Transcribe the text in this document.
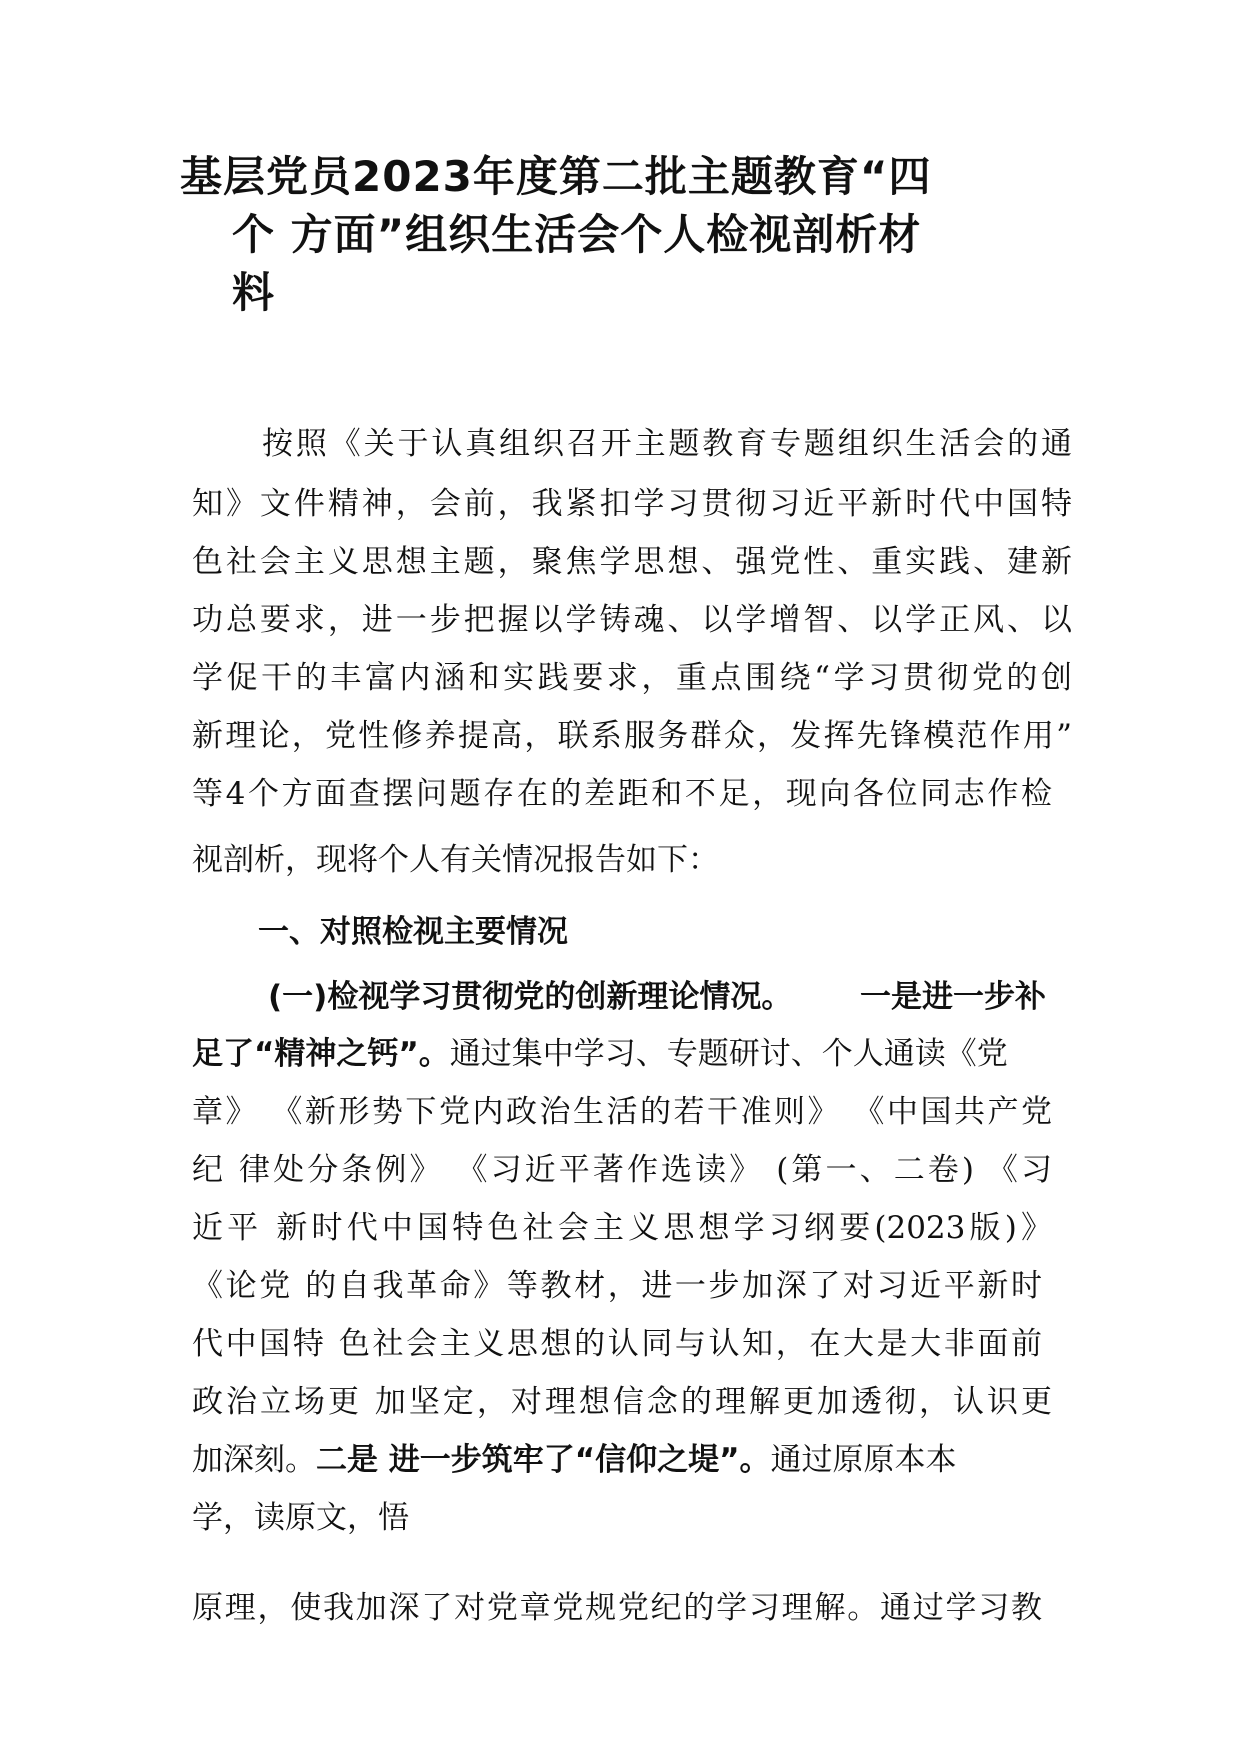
基层党员2023年度第二批主题教育“四
个 方面”组织生活会个人检视剖析材
料
按照《关于认真组织召开主题教育专题组织生活会的通
知》文件精神，会前，我紧扣学习贯彻习近平新时代中国特
色社会主义思想主题，聚焦学思想、强党性、重实践、建新
功总要求，进一步把握以学铸魂、以学增智、以学正风、以
学促干的丰富内涵和实践要求，重点围绕“学习贯彻党的创
新理论，党性修养提高，联系服务群众，发挥先锋模范作用”
等4个方面查摆问题存在的差距和不足，现向各位同志作检
视剖析，现将个人有关情况报告如下：
一、对照检视主要情况
(一)检视学习贯彻党的创新理论情况。 一是进一步补
足了“精神之钙”。通过集中学习、专题研讨、个人通读《党
章》 《新形势下党内政治生活的若干准则》 《中国共产党
纪 律处分条例》 《习近平著作选读》 (第一、二卷) 《习
近平 新时代中国特色社会主义思想学习纲要(2023版)》
《论党 的自我革命》等教材，进一步加深了对习近平新时
代中国特 色社会主义思想的认同与认知，在大是大非面前
政治立场更 加坚定，对理想信念的理解更加透彻，认识更
加深刻。二是 进一步筑牢了“信仰之堤”。通过原原本本
学，读原文，悟
原理，使我加深了对党章党规党纪的学习理解。通过学习教
